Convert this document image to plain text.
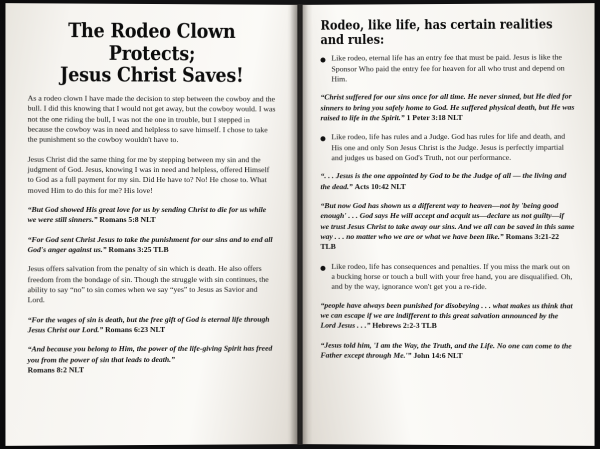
The Rodeo Clown Protects;
Jesus Christ Saves!

As a rodeo clown I have made the decision to step between the cowboy and the bull. I did this knowing that I would not get away, but the cowboy would. I was not the one riding the bull, I was not the one in trouble, but I stepped in because the cowboy was in need and helpless to save himself. I chose to take the punishment so the cowboy wouldn't have to.

Jesus Christ did the same thing for me by stepping between my sin and the judgment of God. Jesus, knowing I was in need and helpless, offered Himself to God as a full payment for my sin. Did He have to? No! He chose to. What moved Him to do this for me? His love!

“But God showed His great love for us by sending Christ to die for us while we were still sinners.” Romans 5:8 NLT

“For God sent Christ Jesus to take the punishment for our sins and to end all God's anger against us.” Romans 3:25 TLB

Jesus offers salvation from the penalty of sin which is death. He also offers freedom from the bondage of sin. Though the struggle with sin continues, the ability to say “no” to sin comes when we say “yes” to Jesus as Savior and Lord.

“For the wages of sin is death, but the free gift of God is eternal life through Jesus Christ our Lord.” Romans 6:23 NLT

“And because you belong to Him, the power of the life-giving Spirit has freed you from the power of sin that leads to death.”
Romans 8:2 NLT

Rodeo, like life, has certain realities and rules:

Like rodeo, eternal life has an entry fee that must be paid. Jesus is like the Sponsor Who paid the entry fee for heaven for all who trust and depend on Him.

“Christ suffered for our sins once for all time. He never sinned, but He died for sinners to bring you safely home to God. He suffered physical death, but He was raised to life in the Spirit.” 1 Peter 3:18 NLT

Like rodeo, life has rules and a Judge. God has rules for life and death, and His one and only Son Jesus Christ is the Judge. Jesus is perfectly impartial and judges us based on God's Truth, not our performance.

“. . . Jesus is the one appointed by God to be the Judge of all — the living and the dead.” Acts 10:42 NLT

“But now God has shown us a different way to heaven—not by 'being good enough' . . . God says He will accept and acquit us—declare us not guilty—if we trust Jesus Christ to take away our sins. And we all can be saved in this same way . . . no matter who we are or what we have been like.” Romans 3:21-22 TLB

Like rodeo, life has consequences and penalties. If you miss the mark out on a bucking horse or touch a bull with your free hand, you are disqualified. Oh, and by the way, ignorance won't get you a re-ride.

“people have always been punished for disobeying . . . what makes us think that we can escape if we are indifferent to this great salvation announced by the Lord Jesus . . .” Hebrews 2:2-3 TLB

“Jesus told him, 'I am the Way, the Truth, and the Life. No one can come to the Father except through Me.'” John 14:6 NLT
